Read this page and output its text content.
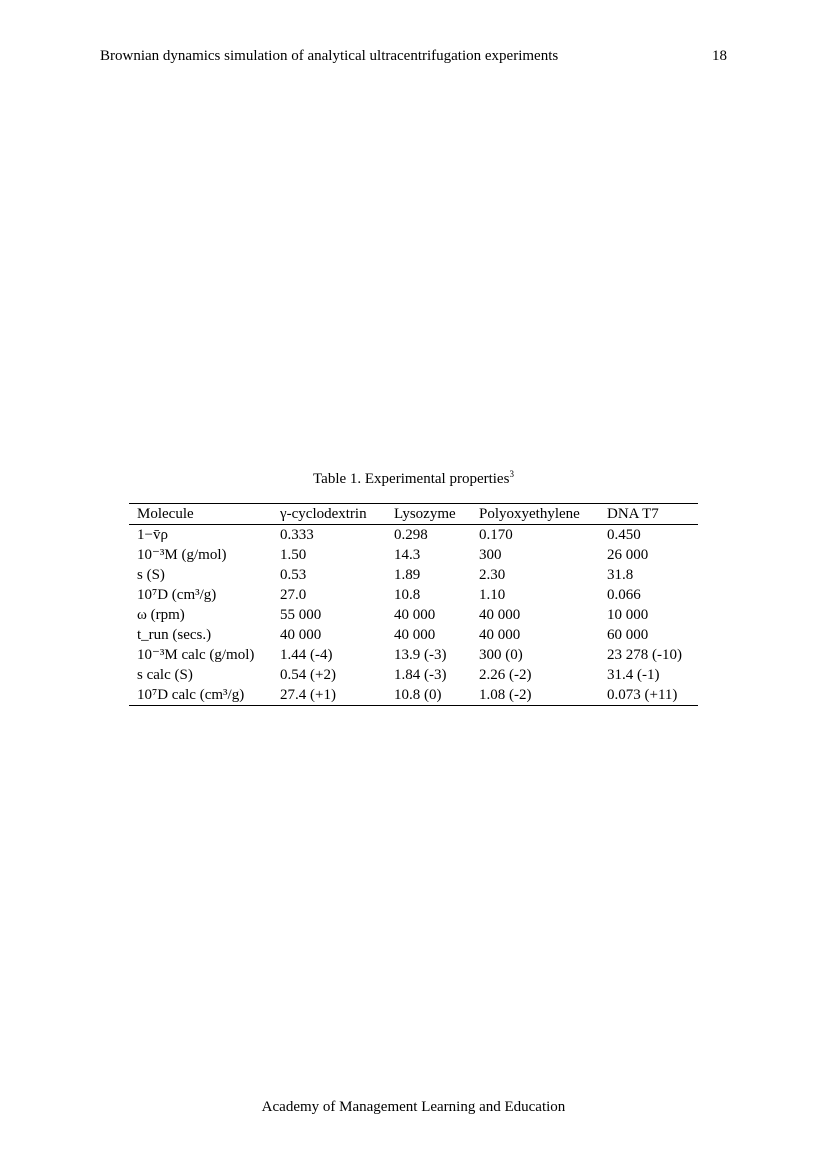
Brownian dynamics simulation of analytical ultracentrifugation experiments	18
Table 1. Experimental properties$^3$
Molecule	γ-cyclodextrin	Lysozyme	Polyoxyethylene	DNA T7
1−v̄ρ	0.333	0.298	0.170	0.450
10⁻³M (g/mol)	1.50	14.3	300	26 000
s (S)	0.53	1.89	2.30	31.8
10⁷D (cm³/g)	27.0	10.8	1.10	0.066
ω (rpm)	55 000	40 000	40 000	10 000
t_run (secs.)	40 000	40 000	40 000	60 000
10⁻³M calc (g/mol)	1.44 (-4)	13.9 (-3)	300 (0)	23 278 (-10)
s calc (S)	0.54 (+2)	1.84 (-3)	2.26 (-2)	31.4 (-1)
10⁷D calc (cm³/g)	27.4 (+1)	10.8 (0)	1.08 (-2)	0.073 (+11)
Academy of Management Learning and Education
